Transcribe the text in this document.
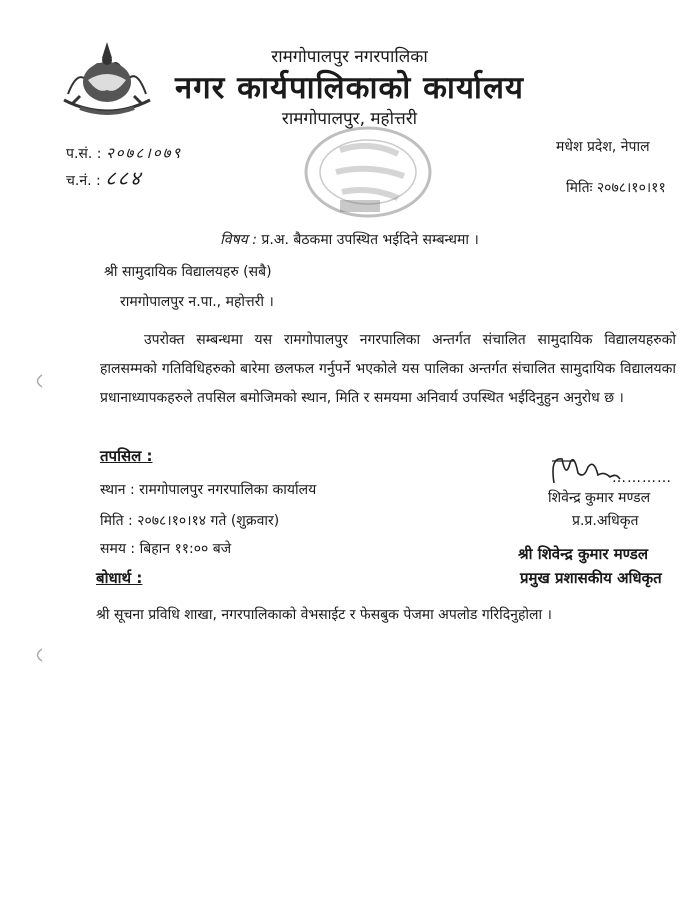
रामगोपालपुर नगरपालिका
नगर कार्यपालिकाको कार्यालय
रामगोपालपुर, महोत्तरी
मधेश प्रदेश, नेपाल
प.सं. : २०७८।०७९
च.नं. : ८८४	मितिः २०७८।१०।११
विषय : प्र.अ. बैठकमा उपस्थित भईदिने सम्बन्धमा ।
श्री सामुदायिक विद्यालयहरु (सबै)
रामगोपालपुर न.पा., महोत्तरी ।
उपरोक्त सम्बन्धमा यस रामगोपालपुर नगरपालिका अन्तर्गत संचालित सामुदायिक विद्यालयहरुको हालसम्मको गतिविधिहरुको बारेमा छलफल गर्नुपर्ने भएकोले यस पालिका अन्तर्गत संचालित सामुदायिक विद्यालयका प्रधानाध्यापकहरुले तपसिल बमोजिमको स्थान, मिति र समयमा अनिवार्य उपस्थित भईदिनुहुन अनुरोध छ ।
तपसिल :
स्थान : रामगोपालपुर नगरपालिका कार्यालय
मिति : २०७८।१०।१४ गते (शुक्रवार)
समय : बिहान ११:०० बजे
…………
शिवेन्द्र कुमार मण्डल
प्र.प्र.अधिकृत
श्री शिवेन्द्र कुमार मण्डल
प्रमुख प्रशासकीय अधिकृत
बोधार्थ :
श्री सूचना प्रविधि शाखा, नगरपालिकाको वेभसाईट र फेसबुक पेजमा अपलोड गरिदिनुहोला ।
